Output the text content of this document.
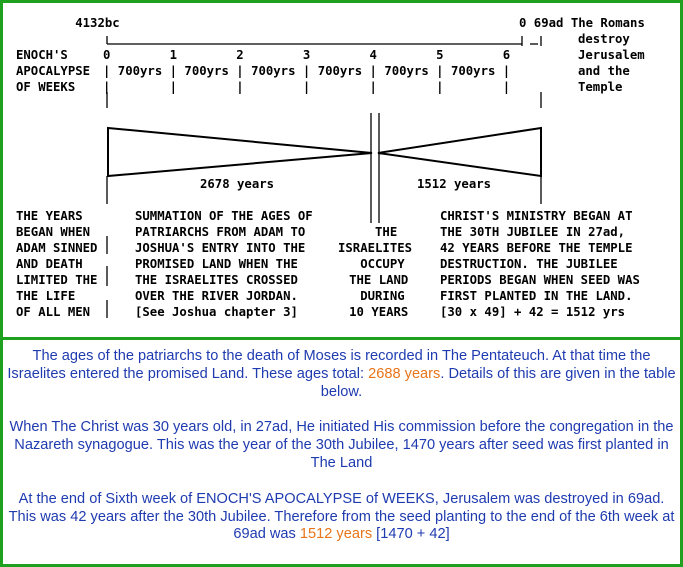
4132bc	0 69ad The Romans
ENOCH'S
APOCALYPSE
OF WEEKS
destroy
Jerusalem
and the
Temple
0        1        2        3        4        5        6
| 700yrs | 700yrs | 700yrs | 700yrs | 700yrs | 700yrs |
|        |        |        |        |        |        |
2678 years	1512 years
THE YEARS
BEGAN WHEN
ADAM SINNED
AND DEATH
LIMITED THE
THE LIFE
OF ALL MEN
SUMMATION OF THE AGES OF
PATRIARCHS FROM ADAM TO
JOSHUA'S ENTRY INTO THE
PROMISED LAND WHEN THE
THE ISRAELITES CROSSED
OVER THE RIVER JORDAN.
[See Joshua chapter 3]
THE
ISRAELITES
OCCUPY
THE LAND
DURING
10 YEARS
CHRIST'S MINISTRY BEGAN AT
THE 30TH JUBILEE IN 27ad,
42 YEARS BEFORE THE TEMPLE
DESTRUCTION. THE JUBILEE
PERIODS BEGAN WHEN SEED WAS
FIRST PLANTED IN THE LAND.
[30 x 49] + 42 = 1512 yrs

The ages of the patriarchs to the death of Moses is recorded in The Pentateuch. At that time the Israelites entered the promised Land. These ages total: 2688 years. Details of this are given in the table below.

When The Christ was 30 years old, in 27ad, He initiated His commission before the congregation in the Nazareth synagogue. This was the year of the 30th Jubilee, 1470 years after seed was first planted in The Land

At the end of Sixth week of ENOCH'S APOCALYPSE of WEEKS, Jerusalem was destroyed in 69ad. This was 42 years after the 30th Jubilee. Therefore from the seed planting to the end of the 6th week at 69ad was 1512 years [1470 + 42]
